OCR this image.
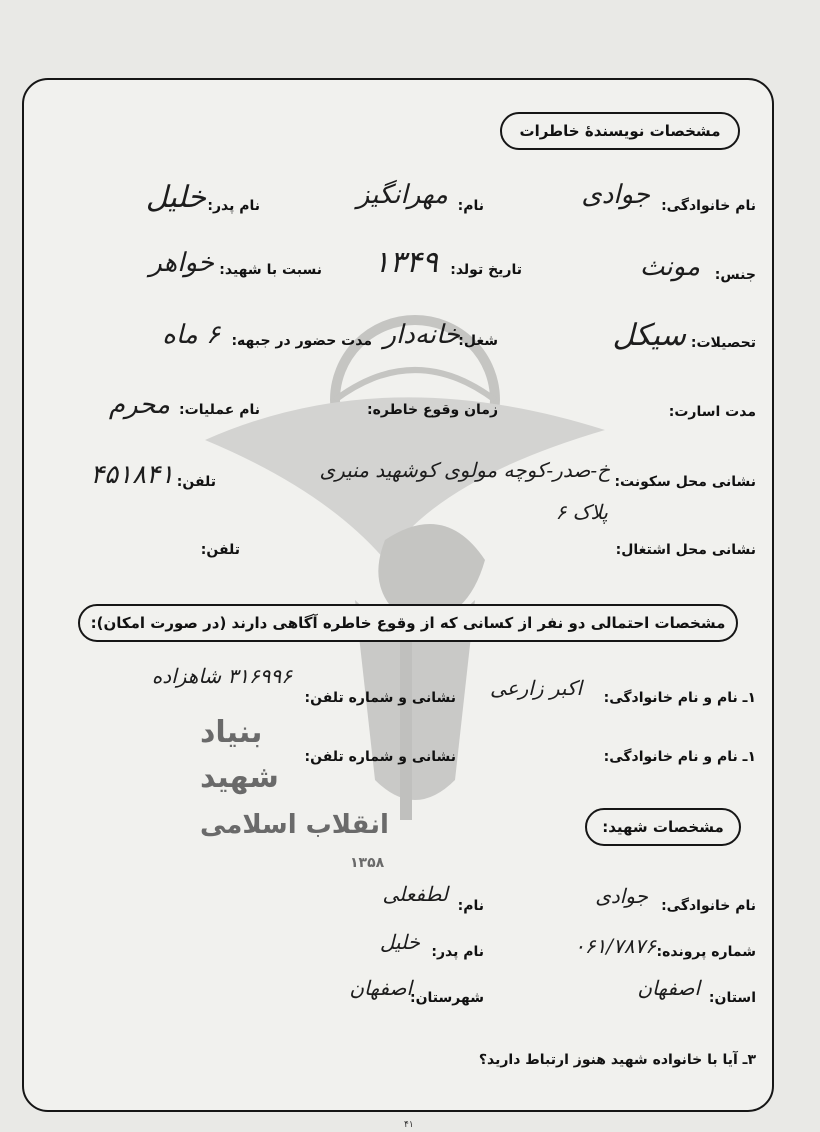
بنیاد
شهید
انقلاب اسلامی
۱۳۵۸
مشخصات نویسندهٔ خاطرات
نام خانوادگی:
جوادی
نام:
مهرانگیز
نام پدر:
خلیل
جنس:
مونث
تاریخ تولد:
۱۳۴۹
نسبت با شهید:
خواهر
تحصیلات:
سیکل
شغل:
خانه‌دار
مدت حضور در جبهه:
۶ ماه
مدت اسارت:
زمان وقوع خاطره:
نام عملیات:
محرم
نشانی محل سکونت:
خ-صدر-کوچه مولوی کوشهید منیری
پلاک ۶
تلفن:
۴۵۱۸۴۱
نشانی محل اشتغال:
تلفن:
مشخصات احتمالی دو نفر از کسانی که از وقوع خاطره آگاهی دارند (در صورت امکان):
۱ـ نام و نام خانوادگی:
اکبر زارعی
نشانی و شماره تلفن:
۳۱۶۹۹۶ شاهزاده
۱ـ نام و نام خانوادگی:
نشانی و شماره تلفن:
مشخصات شهید:
نام خانوادگی:
جوادی
نام:
لطفعلی
شماره پرونده:
۰۶۱/۷۸۷۶
نام پدر:
خلیل
استان:
اصفهان
شهرستان:
اصفهان
۳ـ آیا با خانواده شهید هنوز ارتباط دارید؟
۴۱
